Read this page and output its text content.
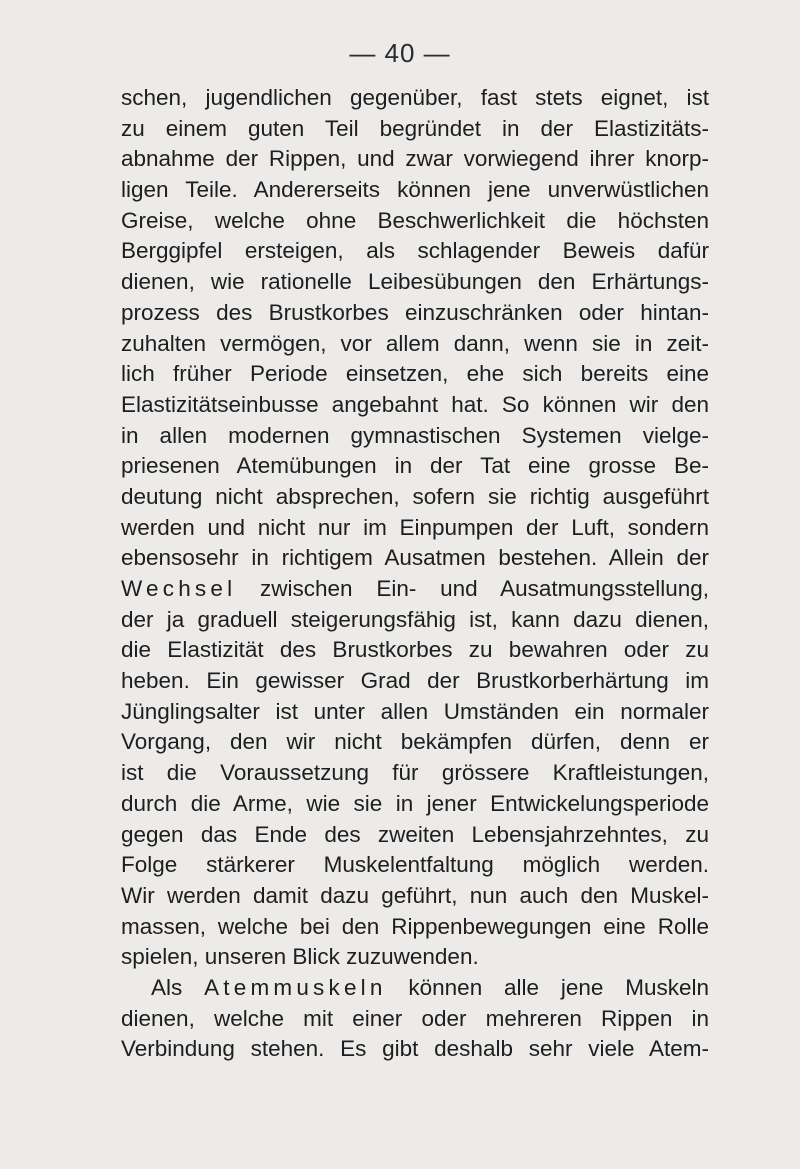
— 40 —
schen, jugendlichen gegenüber, fast stets eignet, ist
zu einem guten Teil begründet in der Elastizitäts-
abnahme der Rippen, und zwar vorwiegend ihrer knorp-
ligen Teile. Andererseits können jene unverwüstlichen
Greise, welche ohne Beschwerlichkeit die höchsten
Berggipfel ersteigen, als schlagender Beweis dafür
dienen, wie rationelle Leibesübungen den Erhärtungs-
prozess des Brustkorbes einzuschränken oder hintan-
zuhalten vermögen, vor allem dann, wenn sie in zeit-
lich früher Periode einsetzen, ehe sich bereits eine
Elastizitätseinbusse angebahnt hat. So können wir den
in allen modernen gymnastischen Systemen vielge-
priesenen Atemübungen in der Tat eine grosse Be-
deutung nicht absprechen, sofern sie richtig ausgeführt
werden und nicht nur im Einpumpen der Luft, sondern
ebensosehr in richtigem Ausatmen bestehen. Allein der
Wechsel zwischen Ein- und Ausatmungsstellung,
der ja graduell steigerungsfähig ist, kann dazu dienen,
die Elastizität des Brustkorbes zu bewahren oder zu
heben. Ein gewisser Grad der Brustkorberhärtung im
Jünglingsalter ist unter allen Umständen ein normaler
Vorgang, den wir nicht bekämpfen dürfen, denn er
ist die Voraussetzung für grössere Kraftleistungen,
durch die Arme, wie sie in jener Entwickelungsperiode
gegen das Ende des zweiten Lebensjahrzehntes, zu
Folge stärkerer Muskelentfaltung möglich werden.
Wir werden damit dazu geführt, nun auch den Muskel-
massen, welche bei den Rippenbewegungen eine Rolle
spielen, unseren Blick zuzuwenden.
Als Atemmuskeln können alle jene Muskeln
dienen, welche mit einer oder mehreren Rippen in
Verbindung stehen. Es gibt deshalb sehr viele Atem-
